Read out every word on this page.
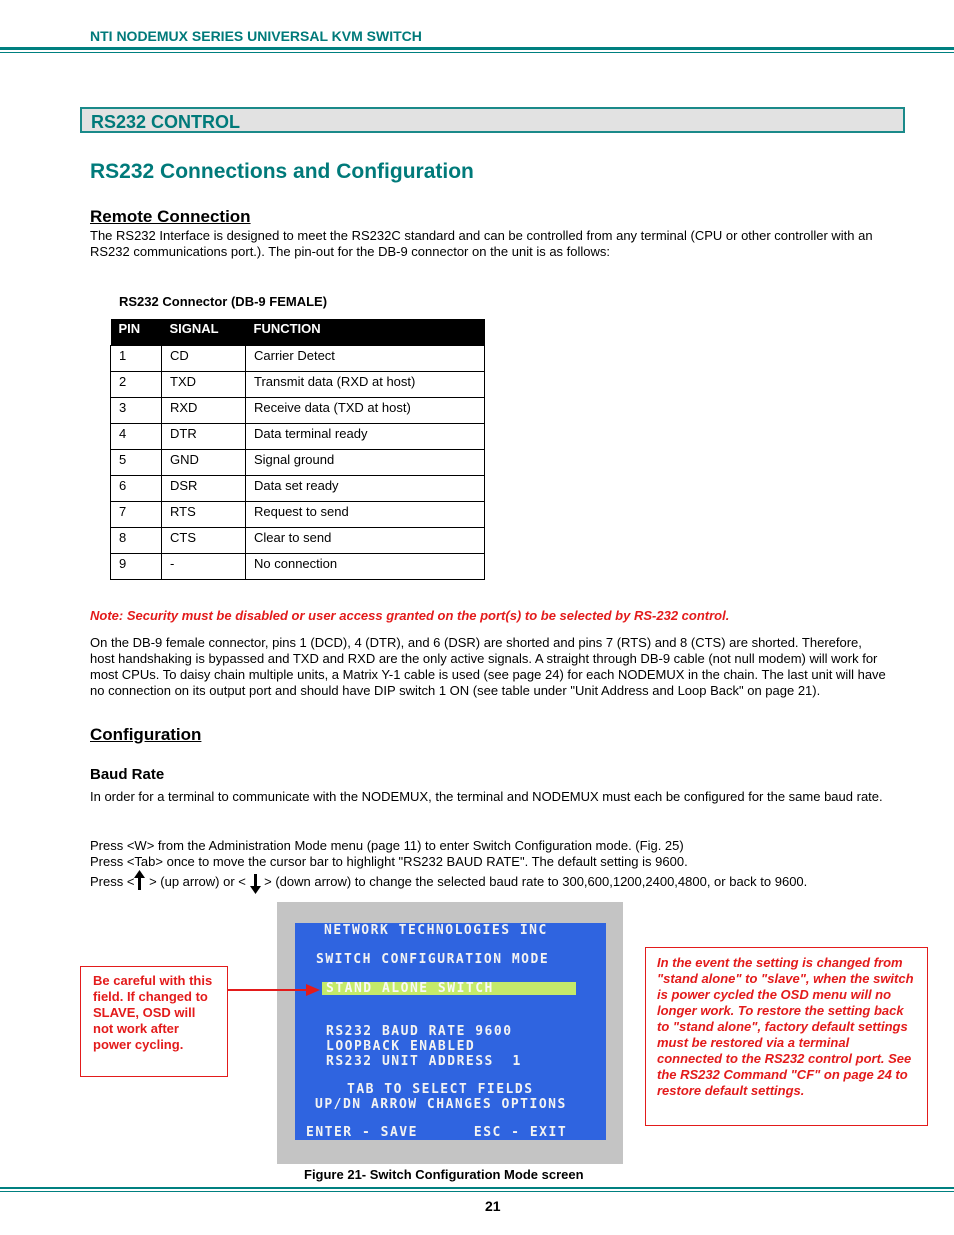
NTI NODEMUX SERIES UNIVERSAL KVM SWITCH
RS232 CONTROL
RS232 Connections and Configuration
Remote Connection
The RS232 Interface is designed to meet the RS232C standard and can be controlled from any terminal (CPU or other controller with an RS232 communications port.). The pin-out for the DB-9 connector on the unit is as follows:
RS232 Connector (DB-9 FEMALE)
PIN	SIGNAL	FUNCTION
1	CD	Carrier Detect
2	TXD	Transmit data (RXD at host)
3	RXD	Receive data (TXD at host)
4	DTR	Data terminal ready
5	GND	Signal ground
6	DSR	Data set ready
7	RTS	Request to send
8	CTS	Clear to send
9	-	No connection
Note: Security must be disabled or user access granted on the port(s) to be selected by RS-232 control.
On the DB-9 female connector, pins 1 (DCD), 4 (DTR), and 6 (DSR) are shorted and pins 7 (RTS) and 8 (CTS) are shorted. Therefore, host handshaking is bypassed and TXD and RXD are the only active signals. A straight through DB-9 cable (not null modem) will work for most CPUs. To daisy chain multiple units, a Matrix Y-1 cable is used (see page 24) for each NODEMUX in the chain. The last unit will have no connection on its output port and should have DIP switch 1 ON (see table under "Unit Address and Loop Back" on page 21).
Configuration
Baud Rate
In order for a terminal to communicate with the NODEMUX, the terminal and NODEMUX must each be configured for the same baud rate.
Press <W> from the Administration Mode menu (page 11) to enter Switch Configuration mode. (Fig. 25)
Press <Tab> once to move the cursor bar to highlight "RS232 BAUD RATE". The default setting is 9600.
Press < > (up arrow) or < > (down arrow) to change the selected baud rate to 300,600,1200,2400,4800, or back to 9600.
NETWORK TECHNOLOGIES INC
SWITCH CONFIGURATION MODE
STAND ALONE SWITCH
RS232 BAUD RATE 9600
LOOPBACK ENABLED
RS232 UNIT ADDRESS  1
TAB TO SELECT FIELDS
UP/DN ARROW CHANGES OPTIONS
ENTER - SAVE      ESC - EXIT
Be careful with this field. If changed to SLAVE, OSD will not work after power cycling.
In the event the setting is changed from "stand alone" to "slave", when the switch is power cycled the OSD menu will no longer work. To restore the setting back to "stand alone", factory default settings must be restored via a terminal connected to the RS232 control port. See the RS232 Command "CF" on page 24 to restore default settings.
Figure 21- Switch Configuration Mode screen
21
